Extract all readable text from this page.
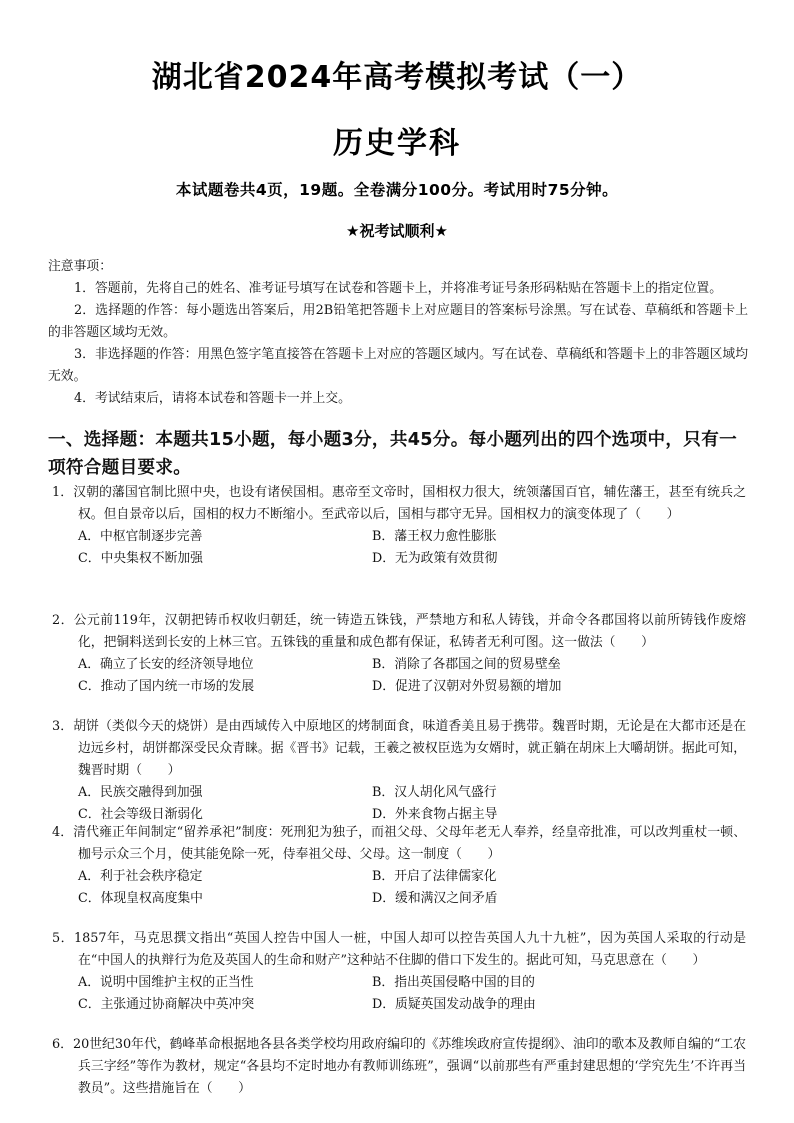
湖北省2024年高考模拟考试（一）
历史学科
本试题卷共4页，19题。全卷满分100分。考试用时75分钟。
★祝考试顺利★

注意事项：

1．答题前，先将自己的姓名、准考证号填写在试卷和答题卡上，并将准考证号条形码粘贴在答题卡上的指定位置。

2．选择题的作答：每小题选出答案后，用2B铅笔把答题卡上对应题目的答案标号涂黑。写在试卷、草稿纸和答题卡上的非答题区域均无效。

3．非选择题的作答：用黑色签字笔直接答在答题卡上对应的答题区域内。写在试卷、草稿纸和答题卡上的非答题区域均无效。

4．考试结束后，请将本试卷和答题卡一并上交。

一、选择题：本题共15小题，每小题3分，共45分。每小题列出的四个选项中，只有一项符合题目要求。

1．汉朝的藩国官制比照中央，也设有诸侯国相。惠帝至文帝时，国相权力很大，统领藩国百官，辅佐藩王，甚至有统兵之权。但自景帝以后，国相的权力不断缩小。至武帝以后，国相与郡守无异。国相权力的演变体现了（　　）

A．中枢官制逐步完善	B．藩王权力愈性膨胀
C．中央集权不断加强	D．无为政策有效贯彻

2．公元前119年，汉朝把铸币权收归朝廷，统一铸造五铢钱，严禁地方和私人铸钱，并命令各郡国将以前所铸钱作废熔化，把铜料送到长安的上林三官。五铢钱的重量和成色都有保证，私铸者无利可图。这一做法（　　）

A．确立了长安的经济领导地位	B．消除了各郡国之间的贸易壁垒
C．推动了国内统一市场的发展	D．促进了汉朝对外贸易额的增加

3．胡饼（类似今天的烧饼）是由西域传入中原地区的烤制面食，味道香美且易于携带。魏晋时期，无论是在大都市还是在边远乡村，胡饼都深受民众青睐。据《晋书》记载，王羲之被权臣选为女婿时，就正躺在胡床上大嚼胡饼。据此可知，魏晋时期（　　）

A．民族交融得到加强	B．汉人胡化风气盛行
C．社会等级日渐弱化	D．外来食物占据主导

4．清代雍正年间制定“留养承祀”制度：死刑犯为独子，而祖父母、父母年老无人奉养，经皇帝批准，可以改判重杖一顿、枷号示众三个月，使其能免除一死，侍奉祖父母、父母。这一制度（　　）

A．利于社会秩序稳定	B．开启了法律儒家化
C．体现皇权高度集中	D．缓和满汉之间矛盾

5．1857年，马克思撰文指出“英国人控告中国人一桩，中国人却可以控告英国人九十九桩”，因为英国人采取的行动是在“中国人的执辩行为危及英国人的生命和财产”这种站不住脚的借口下发生的。据此可知，马克思意在（　　）

A．说明中国维护主权的正当性	B．指出英国侵略中国的目的
C．主张通过协商解决中英冲突	D．质疑英国发动战争的理由

6．20世纪30年代，鹤峰革命根据地各县各类学校均用政府编印的《苏维埃政府宣传提纲》、油印的歌本及教师自编的“工农兵三字经”等作为教材，规定“各县均不定时地办有教师训练班”，强调“以前那些有严重封建思想的‘学究先生’不许再当教员”。这些措施旨在（　　）
